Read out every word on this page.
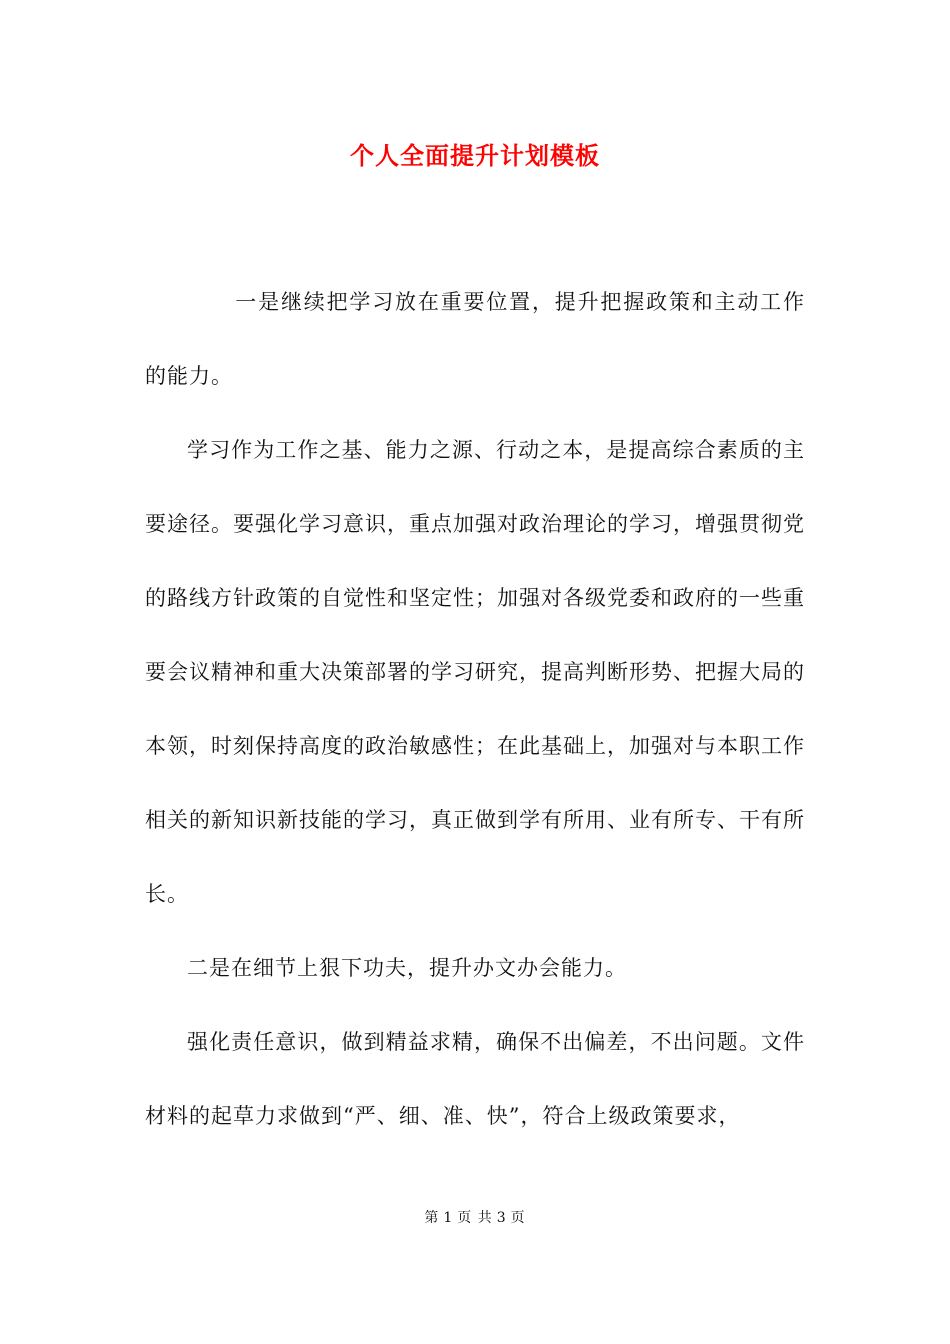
个人全面提升计划模板

一是继续把学习放在重要位置，提升把握政策和主动工作的能力。

学习作为工作之基、能力之源、行动之本，是提高综合素质的主要途径。要强化学习意识，重点加强对政治理论的学习，增强贯彻党的路线方针政策的自觉性和坚定性；加强对各级党委和政府的一些重要会议精神和重大决策部署的学习研究，提高判断形势、把握大局的本领，时刻保持高度的政治敏感性；在此基础上，加强对与本职工作相关的新知识新技能的学习，真正做到学有所用、业有所专、干有所长。

二是在细节上狠下功夫，提升办文办会能力。

强化责任意识，做到精益求精，确保不出偏差，不出问题。文件材料的起草力求做到“严、细、准、快”，符合上级政策要求，

第 1 页 共 3 页
